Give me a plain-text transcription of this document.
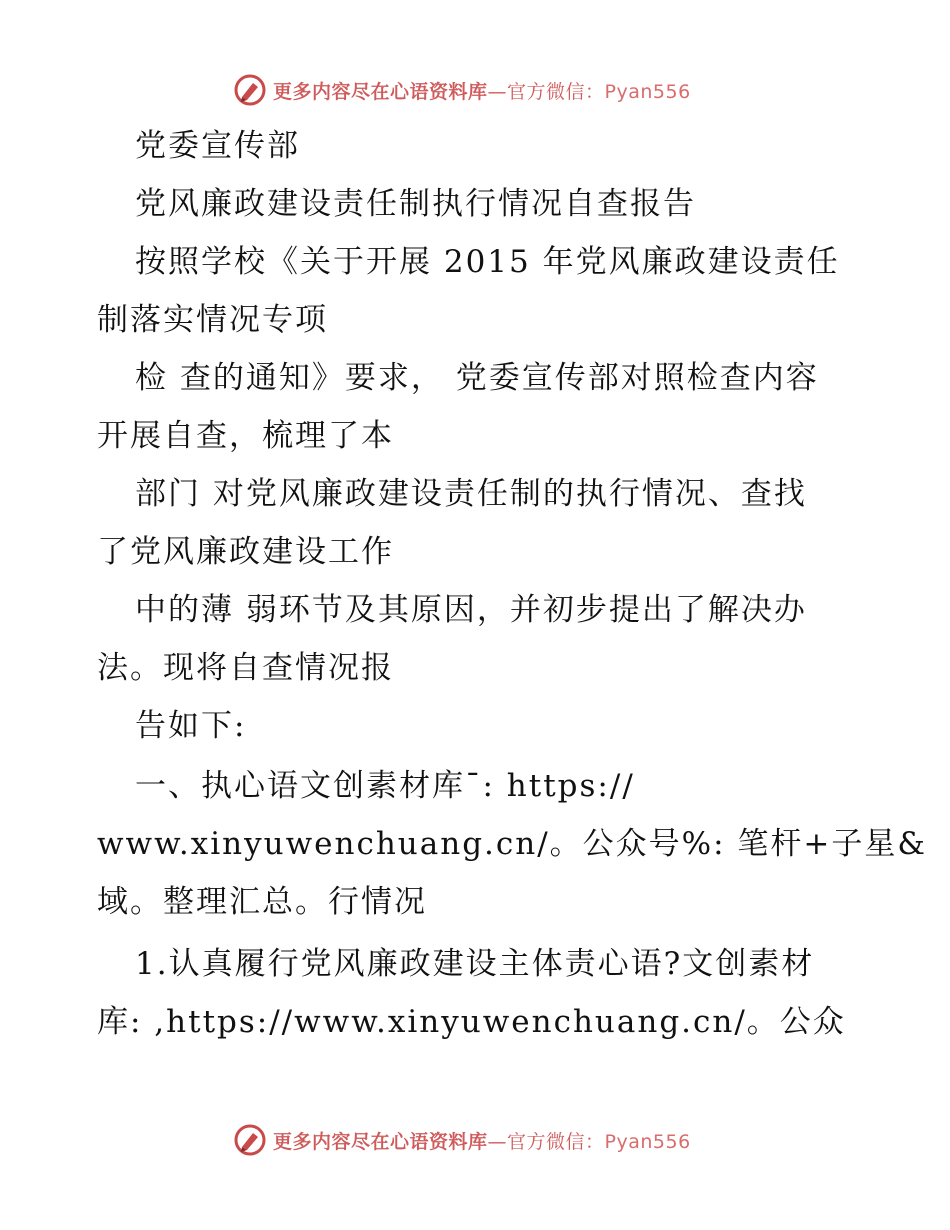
更多内容尽在心语资料库—官方微信：Pyan556
党委宣传部
党风廉政建设责任制执行情况自查报告
按照学校《关于开展 2015 年党风廉政建设责任
制落实情况专项
检 查的通知》要求， 党委宣传部对照检查内容
开展自查，梳理了本
部门 对党风廉政建设责任制的执行情况、查找
了党风廉政建设工作
中的薄 弱环节及其原因，并初步提出了解决办
法。现将自查情况报
告如下:
一、执心语文创素材库¯: https://
www.xinyuwenchuang.cn/。公众号%: 笔杆+子星&
域。整理汇总。行情况
1.认真履行党风廉政建设主体责心语?文创素材
库: ,https://www.xinyuwenchuang.cn/。公众
更多内容尽在心语资料库—官方微信：Pyan556
